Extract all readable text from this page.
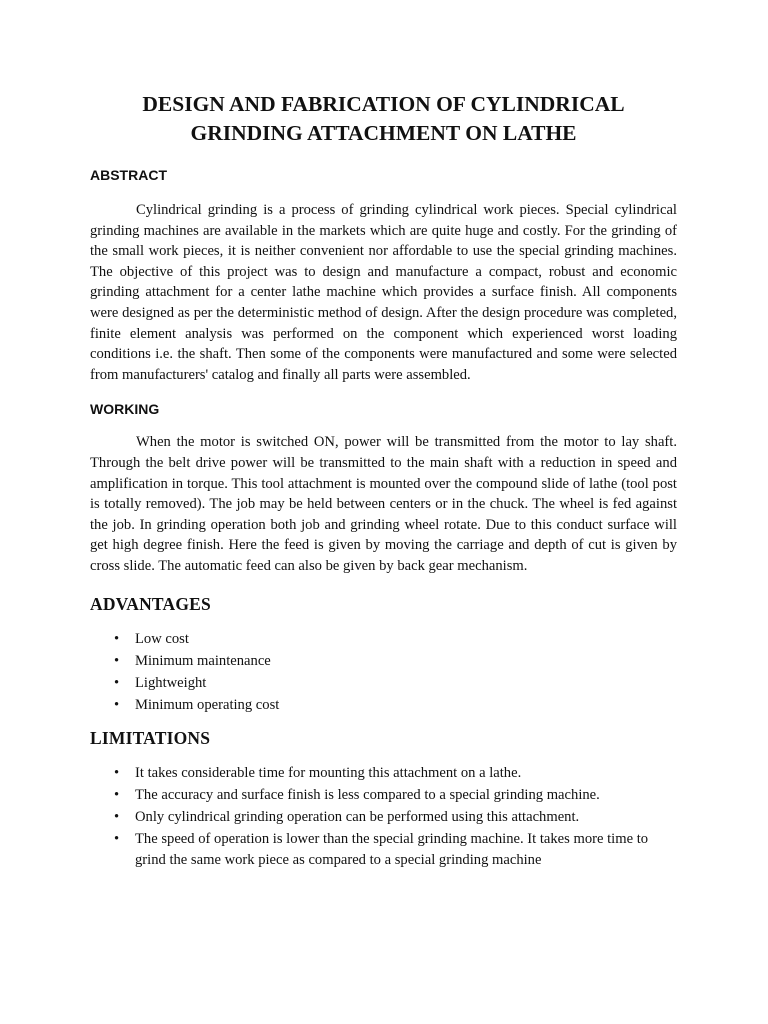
DESIGN AND FABRICATION OF CYLINDRICAL
GRINDING ATTACHMENT ON LATHE
ABSTRACT

Cylindrical grinding is a process of grinding cylindrical work pieces. Special cylindrical grinding machines are available in the markets which are quite huge and costly. For the grinding of the small work pieces, it is neither convenient nor affordable to use the special grinding machines. The objective of this project was to design and manufacture a compact, robust and economic grinding attachment for a center lathe machine which provides a surface finish. All components were designed as per the deterministic method of design. After the design procedure was completed, finite element analysis was performed on the component which experienced worst loading conditions i.e. the shaft. Then some of the components were manufactured and some were selected from manufacturers' catalog and finally all parts were assembled.

WORKING

When the motor is switched ON, power will be transmitted from the motor to lay shaft. Through the belt drive power will be transmitted to the main shaft with a reduction in speed and amplification in torque. This tool attachment is mounted over the compound slide of lathe (tool post is totally removed). The job may be held between centers or in the chuck. The wheel is fed against the job. In grinding operation both job and grinding wheel rotate. Due to this conduct surface will get high degree finish. Here the feed is given by moving the carriage and depth of cut is given by cross slide. The automatic feed can also be given by back gear mechanism.

ADVANTAGES
• Low cost
• Minimum maintenance
• Lightweight
• Minimum operating cost
LIMITATIONS
• It takes considerable time for mounting this attachment on a lathe.
• The accuracy and surface finish is less compared to a special grinding machine.
• Only cylindrical grinding operation can be performed using this attachment.
• The speed of operation is lower than the special grinding machine. It takes more time to grind the same work piece as compared to a special grinding machine
